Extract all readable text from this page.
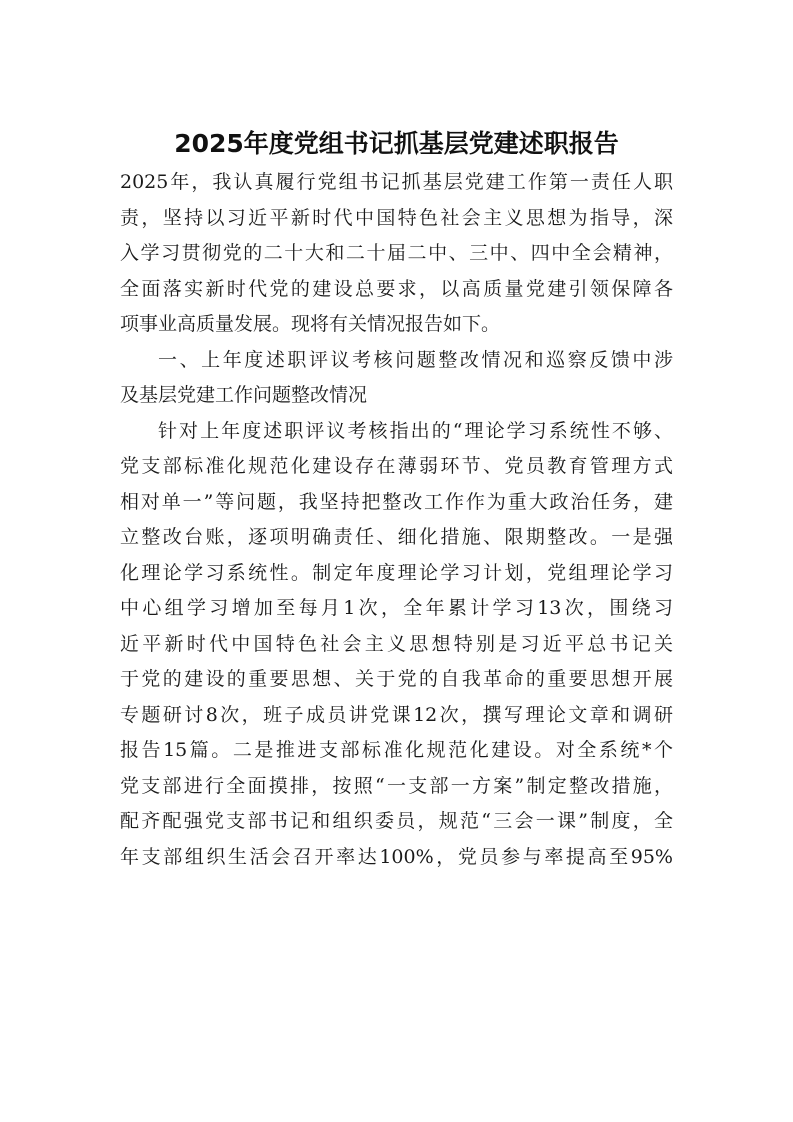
2025年度党组书记抓基层党建述职报告
2025年，我认真履行党组书记抓基层党建工作第一责任人职
责，坚持以习近平新时代中国特色社会主义思想为指导，深
入学习贯彻党的二十大和二十届二中、三中、四中全会精神，
全面落实新时代党的建设总要求，以高质量党建引领保障各
项事业高质量发展。现将有关情况报告如下。
一、上年度述职评议考核问题整改情况和巡察反馈中涉
及基层党建工作问题整改情况
针对上年度述职评议考核指出的“理论学习系统性不够、
党支部标准化规范化建设存在薄弱环节、党员教育管理方式
相对单一”等问题，我坚持把整改工作作为重大政治任务，建
立整改台账，逐项明确责任、细化措施、限期整改。一是强
化理论学习系统性。制定年度理论学习计划，党组理论学习
中心组学习增加至每月1次，全年累计学习13次，围绕习
近平新时代中国特色社会主义思想特别是习近平总书记关
于党的建设的重要思想、关于党的自我革命的重要思想开展
专题研讨8次，班子成员讲党课12次，撰写理论文章和调研
报告15篇。二是推进支部标准化规范化建设。对全系统*个
党支部进行全面摸排，按照“一支部一方案”制定整改措施，
配齐配强党支部书记和组织委员，规范“三会一课”制度，全
年支部组织生活会召开率达100%，党员参与率提高至95%
